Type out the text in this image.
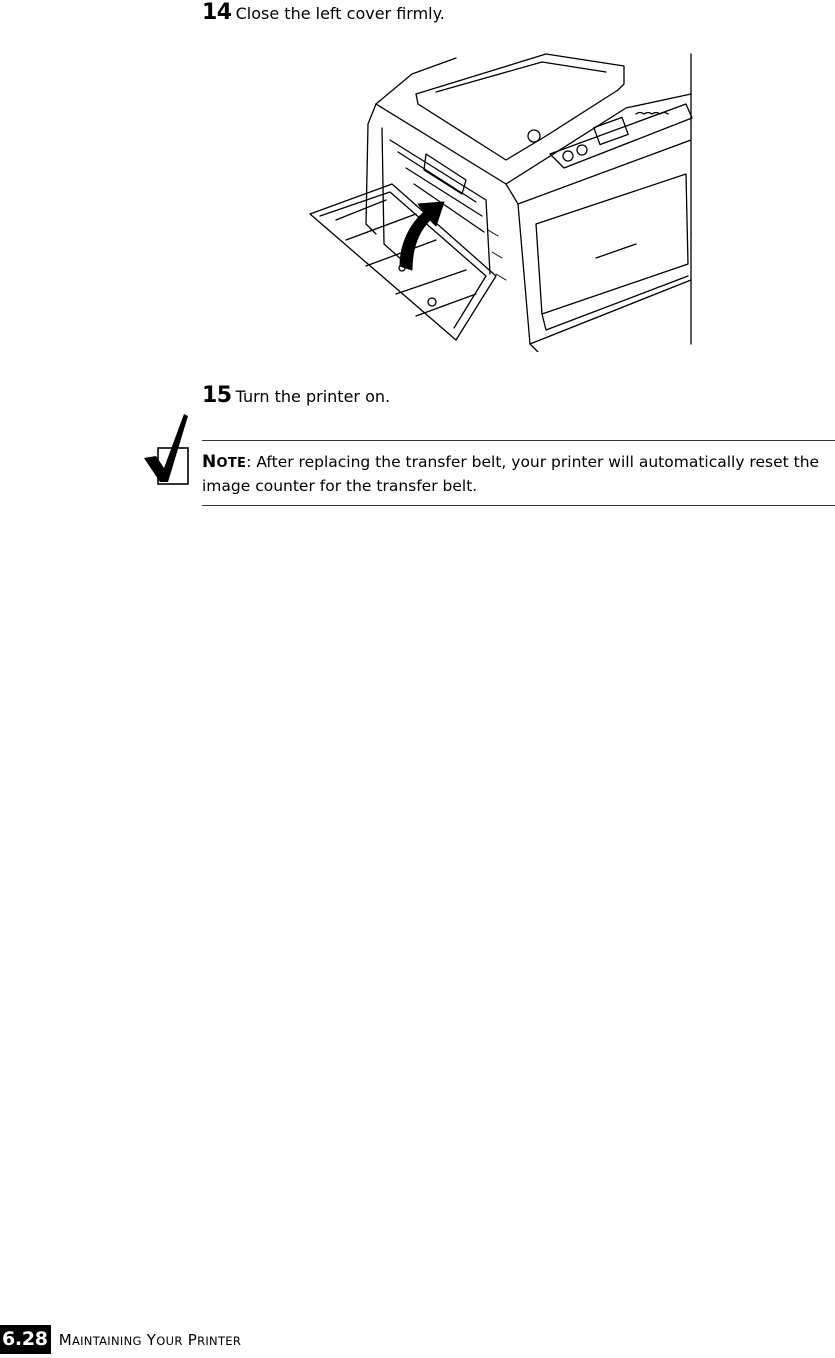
14 Close the left cover firmly.
15 Turn the printer on.
NOTE: After replacing the transfer belt, your printer will automatically reset the image counter for the transfer belt.
6.28 MAINTAINING YOUR PRINTER
